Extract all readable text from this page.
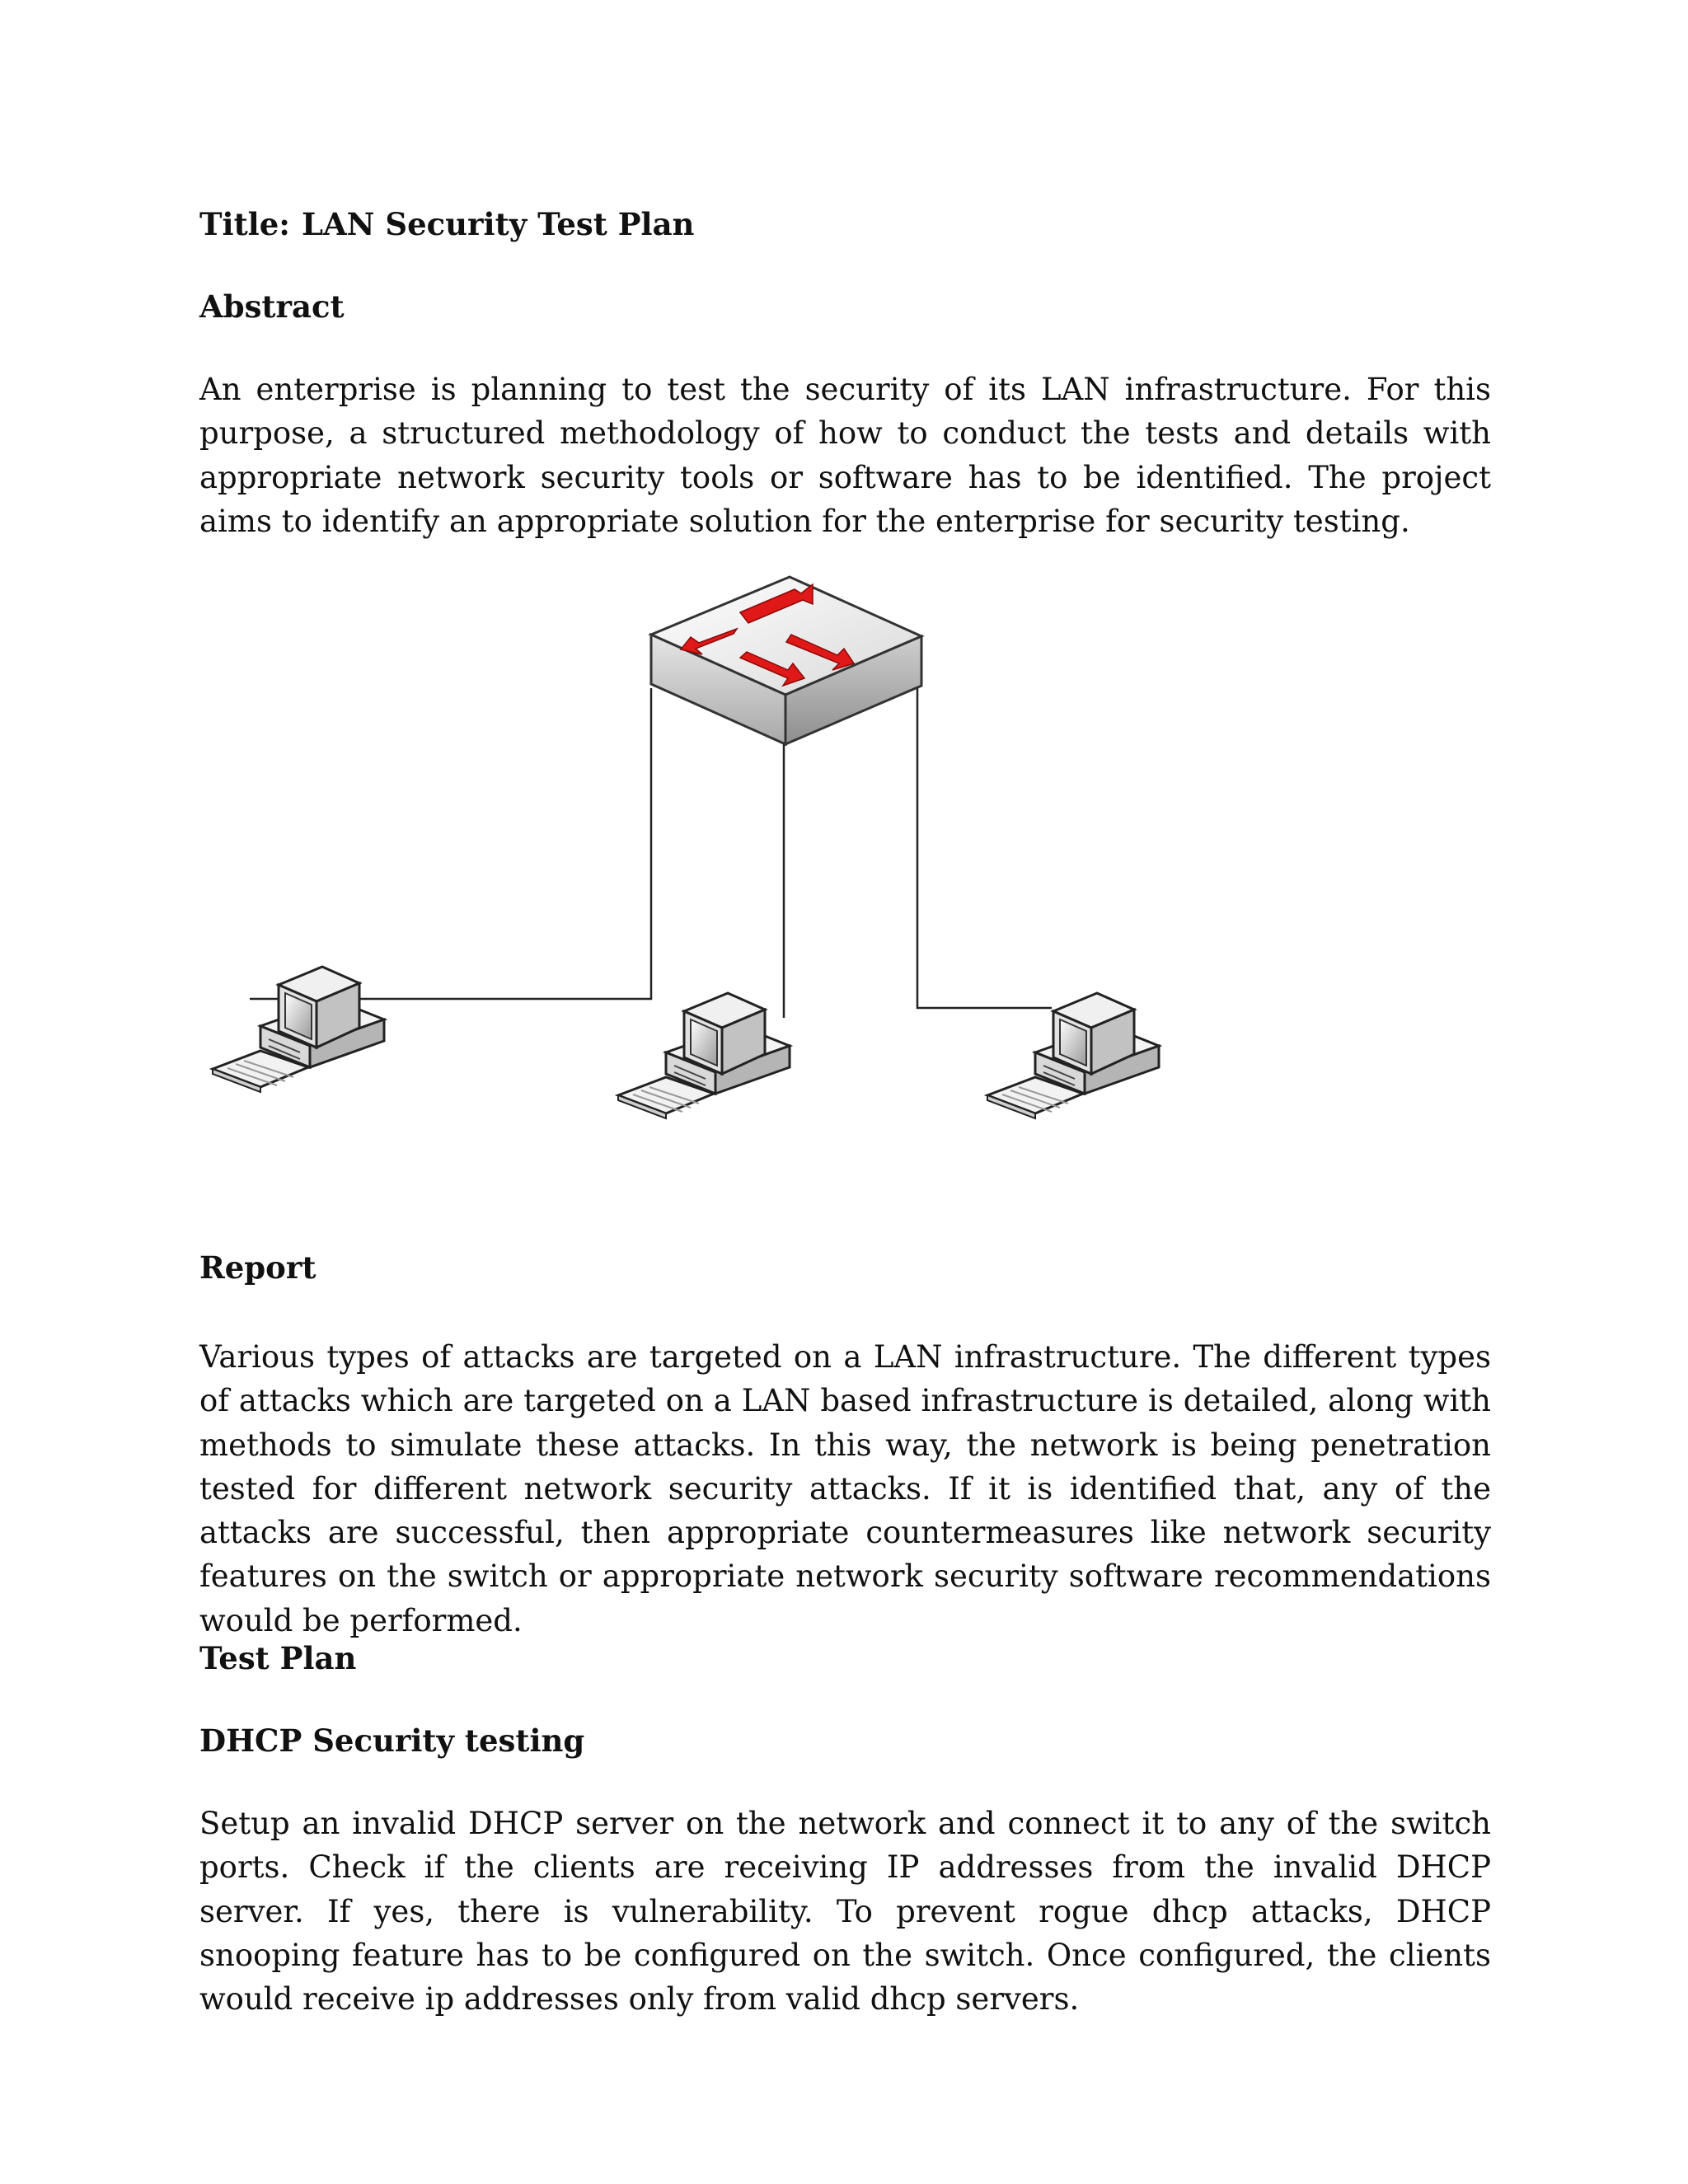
Title: LAN Security Test Plan

Abstract

An enterprise is planning to test the security of its LAN infrastructure. For this purpose, a structured methodology of how to conduct the tests and details with appropriate network security tools or software has to be identified. The project aims to identify an appropriate solution for the enterprise for security testing.

Report

Various types of attacks are targeted on a LAN infrastructure. The different types of attacks which are targeted on a LAN based infrastructure is detailed, along with methods to simulate these attacks. In this way, the network is being penetration tested for different network security attacks. If it is identified that, any of the attacks are successful, then appropriate countermeasures like network security features on the switch or appropriate network security software recommendations would be performed.

Test Plan

DHCP Security testing

Setup an invalid DHCP server on the network and connect it to any of the switch ports. Check if the clients are receiving IP addresses from the invalid DHCP server. If yes, there is vulnerability. To prevent rogue dhcp attacks, DHCP snooping feature has to be configured on the switch. Once configured, the clients would receive ip addresses only from valid dhcp servers.
